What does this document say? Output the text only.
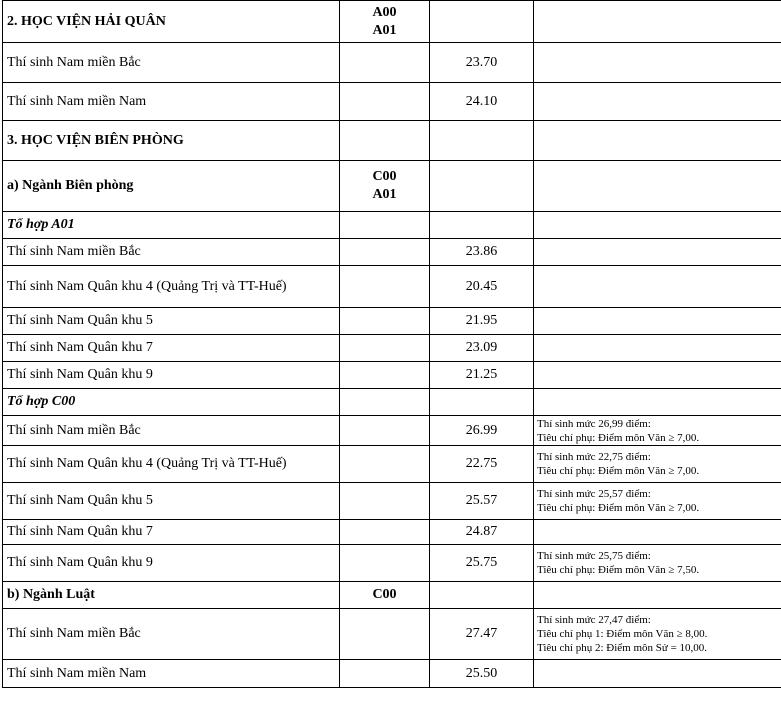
2. HỌC VIỆN HẢI QUÂN	A00
A01		

Thí sinh Nam miền Bắc		23.70	
Thí sinh Nam miền Nam		24.10	
3. HỌC VIỆN BIÊN PHÒNG			
a) Ngành Biên phòng	C00
A01		

Tổ hợp A01			
Thí sinh Nam miền Bắc		23.86	
Thí sinh Nam Quân khu 4 (Quảng Trị và TT-Huế)		20.45	
Thí sinh Nam Quân khu 5		21.95	
Thí sinh Nam Quân khu 7		23.09	
Thí sinh Nam Quân khu 9		21.25	
Tổ hợp C00			
Thí sinh Nam miền Bắc		26.99	Thí sinh mức 26,99 điểm:
Tiêu chí phụ: Điểm môn Văn ≥ 7,00.

Thí sinh Nam Quân khu 4 (Quảng Trị và TT-Huế)		22.75	Thí sinh mức 22,75 điểm:
Tiêu chí phụ: Điểm môn Văn ≥ 7,00.

Thí sinh Nam Quân khu 5		25.57	Thí sinh mức 25,57 điểm:
Tiêu chí phụ: Điểm môn Văn ≥ 7,00.

Thí sinh Nam Quân khu 7		24.87	
Thí sinh Nam Quân khu 9		25.75	Thí sinh mức 25,75 điểm:
Tiêu chí phụ: Điểm môn Văn ≥ 7,50.

b) Ngành Luật	C00		

Thí sinh Nam miền Bắc		27.47	Thí sinh mức 27,47 điểm:
Tiêu chí phụ 1: Điểm môn Văn ≥ 8,00.
Tiêu chí phụ 2: Điểm môn Sử = 10,00.

Thí sinh Nam miền Nam		25.50	
